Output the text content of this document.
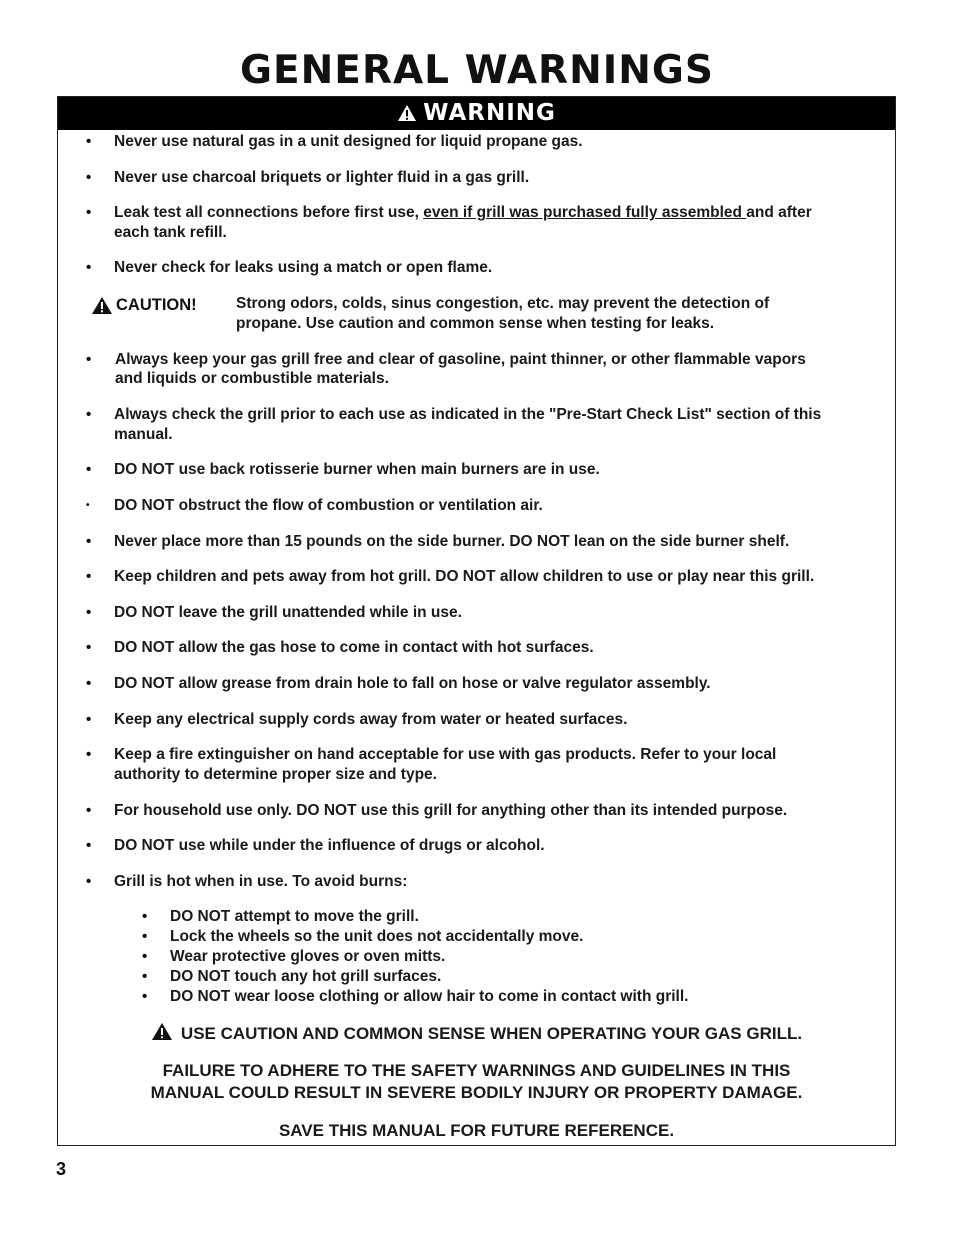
GENERAL WARNINGS
WARNING
• Never use natural gas in a unit designed for liquid propane gas.
• Never use charcoal briquets or lighter fluid in a gas grill.
• Leak test all connections before first use, even if grill was purchased fully assembled and after
each tank refill.
• Never check for leaks using a match or open flame.
CAUTION!	Strong odors, colds, sinus congestion, etc. may prevent the detection of
propane. Use caution and common sense when testing for leaks.
• Always keep your gas grill free and clear of gasoline, paint thinner, or other flammable vapors
and liquids or combustible materials.
• Always check the grill prior to each use as indicated in the "Pre-Start Check List" section of this
manual.
• DO NOT use back rotisserie burner when main burners are in use.
• DO NOT obstruct the flow of combustion or ventilation air.
• Never place more than 15 pounds on the side burner. DO NOT lean on the side burner shelf.
• Keep children and pets away from hot grill. DO NOT allow children to use or play near this grill.
• DO NOT leave the grill unattended while in use.
• DO NOT allow the gas hose to come in contact with hot surfaces.
• DO NOT allow grease from drain hole to fall on hose or valve regulator assembly.
• Keep any electrical supply cords away from water or heated surfaces.
• Keep a fire extinguisher on hand acceptable for use with gas products. Refer to your local
authority to determine proper size and type.
• For household use only. DO NOT use this grill for anything other than its intended purpose.
• DO NOT use while under the influence of drugs or alcohol.
• Grill is hot when in use. To avoid burns:
• DO NOT attempt to move the grill.
• Lock the wheels so the unit does not accidentally move.
• Wear protective gloves or oven mitts.
• DO NOT touch any hot grill surfaces.
• DO NOT wear loose clothing or allow hair to come in contact with grill.
USE CAUTION AND COMMON SENSE WHEN OPERATING YOUR GAS GRILL.
FAILURE TO ADHERE TO THE SAFETY WARNINGS AND GUIDELINES IN THIS
MANUAL COULD RESULT IN SEVERE BODILY INJURY OR PROPERTY DAMAGE.
SAVE THIS MANUAL FOR FUTURE REFERENCE.
3
